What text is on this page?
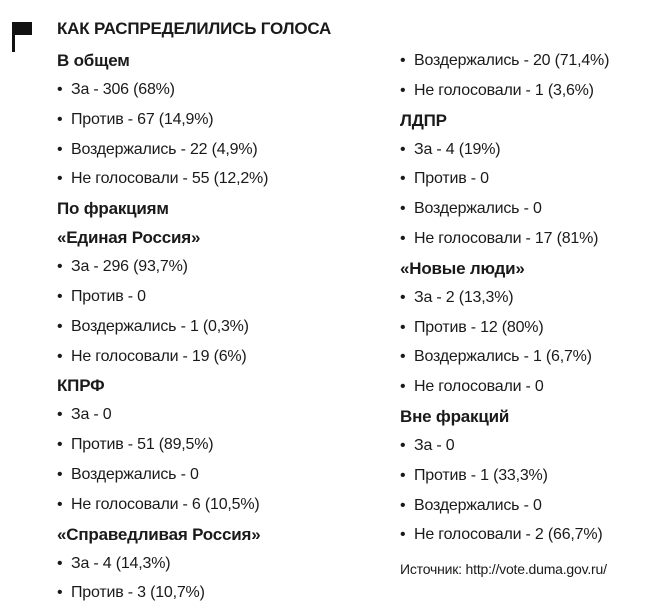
КАК РАСПРЕДЕЛИЛИСЬ ГОЛОСА
В общем
• За - 306 (68%)
• Против - 67 (14,9%)
• Воздержались - 22 (4,9%)
• Не голосовали - 55 (12,2%)
По фракциям
«Единая Россия»
• За - 296 (93,7%)
• Против - 0
• Воздержались - 1 (0,3%)
• Не голосовали - 19 (6%)
КПРФ
• За - 0
• Против - 51 (89,5%)
• Воздержались - 0
• Не голосовали - 6 (10,5%)
«Справедливая Россия»
• За - 4 (14,3%)
• Против - 3 (10,7%)
• Воздержались - 20 (71,4%)
• Не голосовали - 1 (3,6%)
ЛДПР
• За - 4 (19%)
• Против - 0
• Воздержались - 0
• Не голосовали - 17 (81%)
«Новые люди»
• За - 2 (13,3%)
• Против - 12 (80%)
• Воздержались - 1 (6,7%)
• Не голосовали - 0
Вне фракций
• За - 0
• Против - 1 (33,3%)
• Воздержались - 0
• Не голосовали - 2 (66,7%)
Источник: http://vote.duma.gov.ru/
